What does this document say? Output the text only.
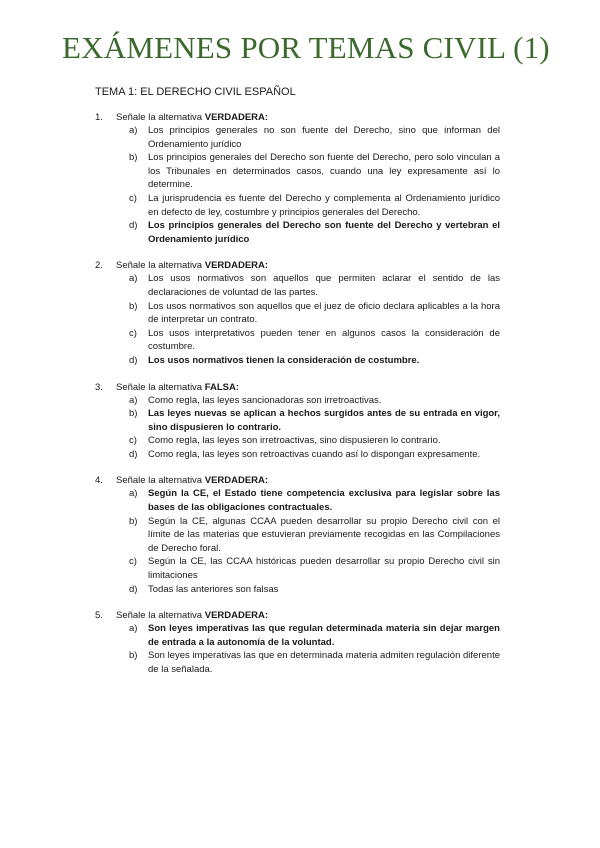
EXÁMENES POR TEMAS CIVIL (1)
TEMA 1: EL DERECHO CIVIL ESPAÑOL
1. Señale la alternativa VERDADERA:
a) Los principios generales no son fuente del Derecho, sino que informan del Ordenamiento jurídico
b) Los principios generales del Derecho son fuente del Derecho, pero solo vinculan a los Tribunales en determinados casos, cuando una ley expresamente así lo determine.
c) La jurisprudencia es fuente del Derecho y complementa al Ordenamiento jurídico en defecto de ley, costumbre y principios generales del Derecho.
d) Los principios generales del Derecho son fuente del Derecho y vertebran el Ordenamiento jurídico
2. Señale la alternativa VERDADERA:
a) Los usos normativos son aquellos que permiten aclarar el sentido de las declaraciones de voluntad de las partes.
b) Los usos normativos son aquellos que el juez de oficio declara aplicables a la hora de interpretar un contrato.
c) Los usos interpretativos pueden tener en algunos casos la consideración de costumbre.
d) Los usos normativos tienen la consideración de costumbre.
3. Señale la alternativa FALSA:
a) Como regla, las leyes sancionadoras son irretroactivas.
b) Las leyes nuevas se aplican a hechos surgidos antes de su entrada en vigor, sino dispusieren lo contrario.
c) Como regla, las leyes son irretroactivas, sino dispusieren lo contrario.
d) Como regla, las leyes son retroactivas cuando así lo dispongan expresamente.
4. Señale la alternativa VERDADERA:
a) Según la CE, el Estado tiene competencia exclusiva para legislar sobre las bases de las obligaciones contractuales.
b) Según la CE, algunas CCAA pueden desarrollar su propio Derecho civil con el límite de las materias que estuvieran previamente recogidas en las Compilaciones de Derecho foral.
c) Según la CE, las CCAA históricas pueden desarrollar su propio Derecho civil sin limitaciones
d) Todas las anteriores son falsas
5. Señale la alternativa VERDADERA:
a) Son leyes imperativas las que regulan determinada materia sin dejar margen de entrada a la autonomía de la voluntad.
b) Son leyes imperativas las que en determinada materia admiten regulación diferente de la señalada.
